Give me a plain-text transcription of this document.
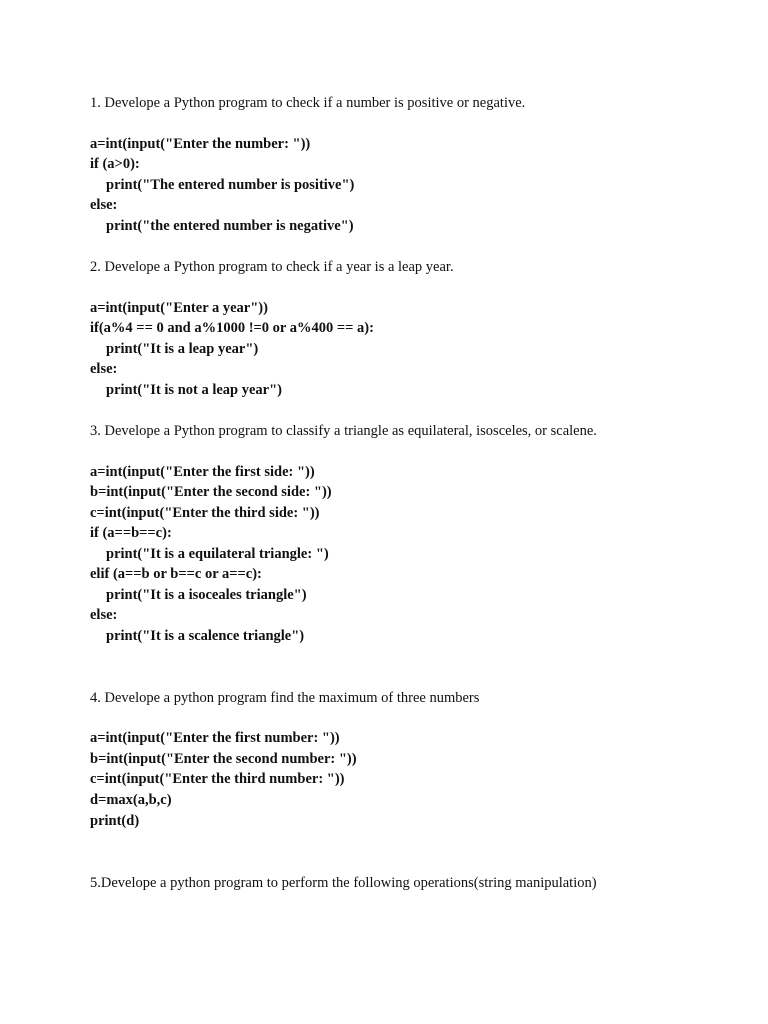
1. Develope a Python program to check if a number is positive or negative.
a=int(input("Enter the number: "))
if (a>0):
print("The entered number is positive")
else:
print("the entered number is negative")
2. Develope a Python program to check if a year is a leap year.
a=int(input("Enter a year"))
if(a%4 == 0 and a%1000 !=0 or a%400 == a):
print("It is a leap year")
else:
print("It is not a leap year")
3. Develope a Python program to classify a triangle as equilateral, isosceles, or scalene.
a=int(input("Enter the first side: "))
b=int(input("Enter the second side: "))
c=int(input("Enter the third side: "))
if (a==b==c):
print("It is a equilateral triangle: ")
elif (a==b or b==c or a==c):
print("It is a isoceales triangle")
else:
print("It is a scalence triangle")
4. Develope a python program find the maximum of three numbers
a=int(input("Enter the first number: "))
b=int(input("Enter the second number: "))
c=int(input("Enter the third number: "))
d=max(a,b,c)
print(d)
5.Develope a python program to perform the following operations(string manipulation)
